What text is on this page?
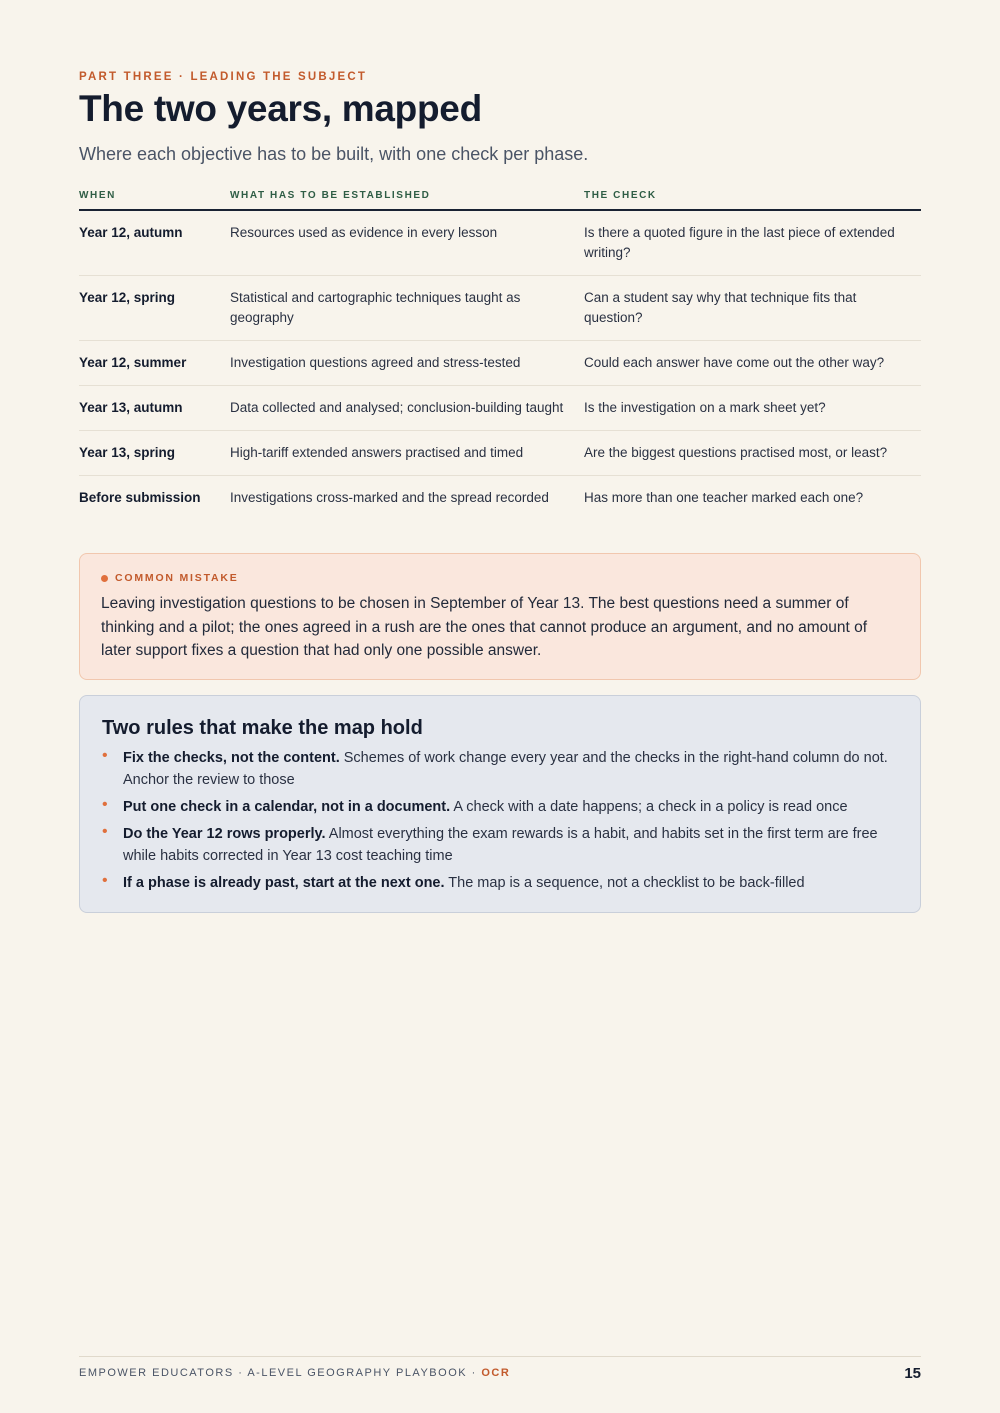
PART THREE · LEADING THE SUBJECT
The two years, mapped

Where each objective has to be built, with one check per phase.

WHEN	WHAT HAS TO BE ESTABLISHED	THE CHECK
Year 12, autumn	Resources used as evidence in every lesson	Is there a quoted figure in the last piece of extended writing?
Year 12, spring	Statistical and cartographic techniques taught as geography	Can a student say why that technique fits that question?
Year 12, summer	Investigation questions agreed and stress-tested	Could each answer have come out the other way?
Year 13, autumn	Data collected and analysed; conclusion-building taught	Is the investigation on a mark sheet yet?
Year 13, spring	High-tariff extended answers practised and timed	Are the biggest questions practised most, or least?
Before submission	Investigations cross-marked and the spread recorded	Has more than one teacher marked each one?
COMMON MISTAKE
Leaving investigation questions to be chosen in September of Year 13. The best questions need a summer of thinking and a pilot; the ones agreed in a rush are the ones that cannot produce an argument, and no amount of later support fixes a question that had only one possible answer.
Two rules that make the map hold
• Fix the checks, not the content. Schemes of work change every year and the checks in the right-hand column do not. Anchor the review to those
• Put one check in a calendar, not in a document. A check with a date happens; a check in a policy is read once
• Do the Year 12 rows properly. Almost everything the exam rewards is a habit, and habits set in the first term are free while habits corrected in Year 13 cost teaching time
• If a phase is already past, start at the next one. The map is a sequence, not a checklist to be back-filled
EMPOWER EDUCATORS · A-LEVEL GEOGRAPHY PLAYBOOK · OCR	15
